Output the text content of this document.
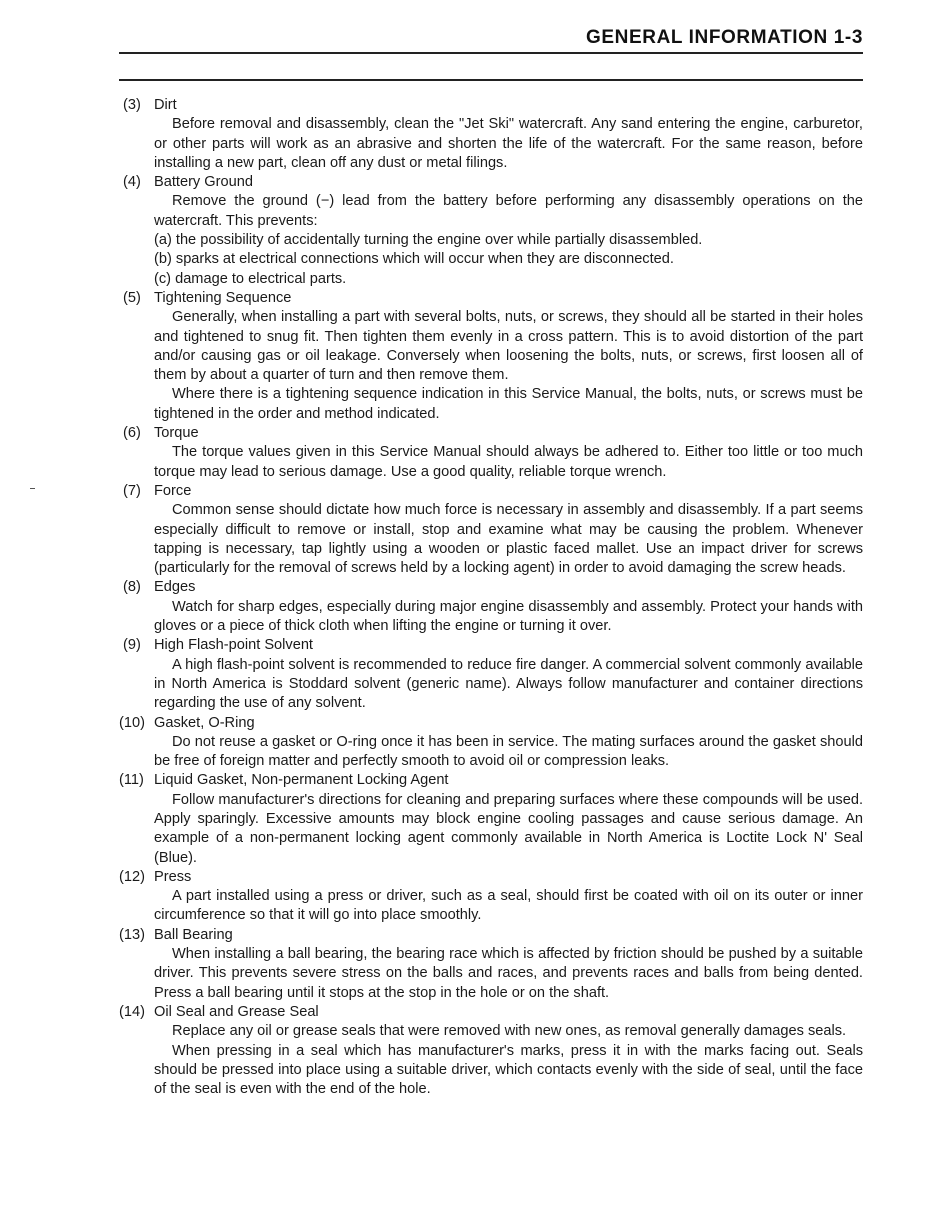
GENERAL INFORMATION 1-3
(3) Dirt

Before removal and disassembly, clean the "Jet Ski" watercraft. Any sand entering the engine, carburetor, or other parts will work as an abrasive and shorten the life of the watercraft. For the same reason, before installing a new part, clean off any dust or metal filings.

(4) Battery Ground

Remove the ground (−) lead from the battery before performing any disassembly operations on the watercraft. This prevents:

(a) the possibility of accidentally turning the engine over while partially disassembled.
(b) sparks at electrical connections which will occur when they are disconnected.
(c) damage to electrical parts.
(5) Tightening Sequence

Generally, when installing a part with several bolts, nuts, or screws, they should all be started in their holes and tightened to snug fit. Then tighten them evenly in a cross pattern. This is to avoid distortion of the part and/or causing gas or oil leakage. Conversely when loosening the bolts, nuts, or screws, first loosen all of them by about a quarter of turn and then remove them.

Where there is a tightening sequence indication in this Service Manual, the bolts, nuts, or screws must be tightened in the order and method indicated.

(6) Torque

The torque values given in this Service Manual should always be adhered to. Either too little or too much torque may lead to serious damage. Use a good quality, reliable torque wrench.

(7) Force

Common sense should dictate how much force is necessary in assembly and disassembly. If a part seems especially difficult to remove or install, stop and examine what may be causing the problem. Whenever tapping is necessary, tap lightly using a wooden or plastic faced mallet. Use an impact driver for screws (particularly for the removal of screws held by a locking agent) in order to avoid damaging the screw heads.

(8) Edges

Watch for sharp edges, especially during major engine disassembly and assembly. Protect your hands with gloves or a piece of thick cloth when lifting the engine or turning it over.

(9) High Flash-point Solvent

A high flash-point solvent is recommended to reduce fire danger. A commercial solvent commonly available in North America is Stoddard solvent (generic name). Always follow manufacturer and container directions regarding the use of any solvent.

(10) Gasket, O-Ring

Do not reuse a gasket or O-ring once it has been in service. The mating surfaces around the gasket should be free of foreign matter and perfectly smooth to avoid oil or compression leaks.

(11) Liquid Gasket, Non-permanent Locking Agent

Follow manufacturer's directions for cleaning and preparing surfaces where these compounds will be used. Apply sparingly. Excessive amounts may block engine cooling passages and cause serious damage. An example of a non-permanent locking agent commonly available in North America is Loctite Lock N' Seal (Blue).

(12) Press

A part installed using a press or driver, such as a seal, should first be coated with oil on its outer or inner circumference so that it will go into place smoothly.

(13) Ball Bearing

When installing a ball bearing, the bearing race which is affected by friction should be pushed by a suitable driver. This prevents severe stress on the balls and races, and prevents races and balls from being dented. Press a ball bearing until it stops at the stop in the hole or on the shaft.

(14) Oil Seal and Grease Seal

Replace any oil or grease seals that were removed with new ones, as removal generally damages seals.

When pressing in a seal which has manufacturer's marks, press it in with the marks facing out. Seals should be pressed into place using a suitable driver, which contacts evenly with the side of seal, until the face of the seal is even with the end of the hole.
